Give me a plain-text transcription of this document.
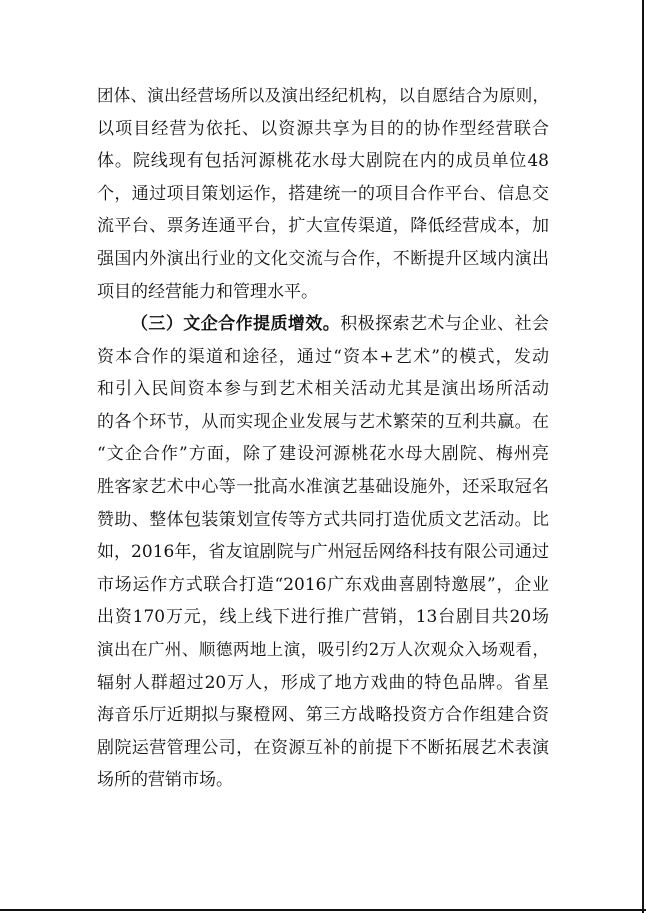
团体、演出经营场所以及演出经纪机构，以自愿结合为原则，
以项目经营为依托、以资源共享为目的的协作型经营联合
体。院线现有包括河源桃花水母大剧院在内的成员单位48
个，通过项目策划运作，搭建统一的项目合作平台、信息交
流平台、票务连通平台，扩大宣传渠道，降低经营成本，加
强国内外演出行业的文化交流与合作，不断提升区域内演出
项目的经营能力和管理水平。
（三）文企合作提质增效。积极探索艺术与企业、社会
资本合作的渠道和途径，通过“资本+艺术”的模式，发动
和引入民间资本参与到艺术相关活动尤其是演出场所活动
的各个环节，从而实现企业发展与艺术繁荣的互利共赢。在
“文企合作”方面，除了建设河源桃花水母大剧院、梅州亮
胜客家艺术中心等一批高水准演艺基础设施外，还采取冠名
赞助、整体包装策划宣传等方式共同打造优质文艺活动。比
如，2016年，省友谊剧院与广州冠岳网络科技有限公司通过
市场运作方式联合打造“2016广东戏曲喜剧特邀展”，企业
出资170万元，线上线下进行推广营销，13台剧目共20场
演出在广州、顺德两地上演，吸引约2万人次观众入场观看，
辐射人群超过20万人，形成了地方戏曲的特色品牌。省星
海音乐厅近期拟与聚橙网、第三方战略投资方合作组建合资
剧院运营管理公司，在资源互补的前提下不断拓展艺术表演
场所的营销市场。
